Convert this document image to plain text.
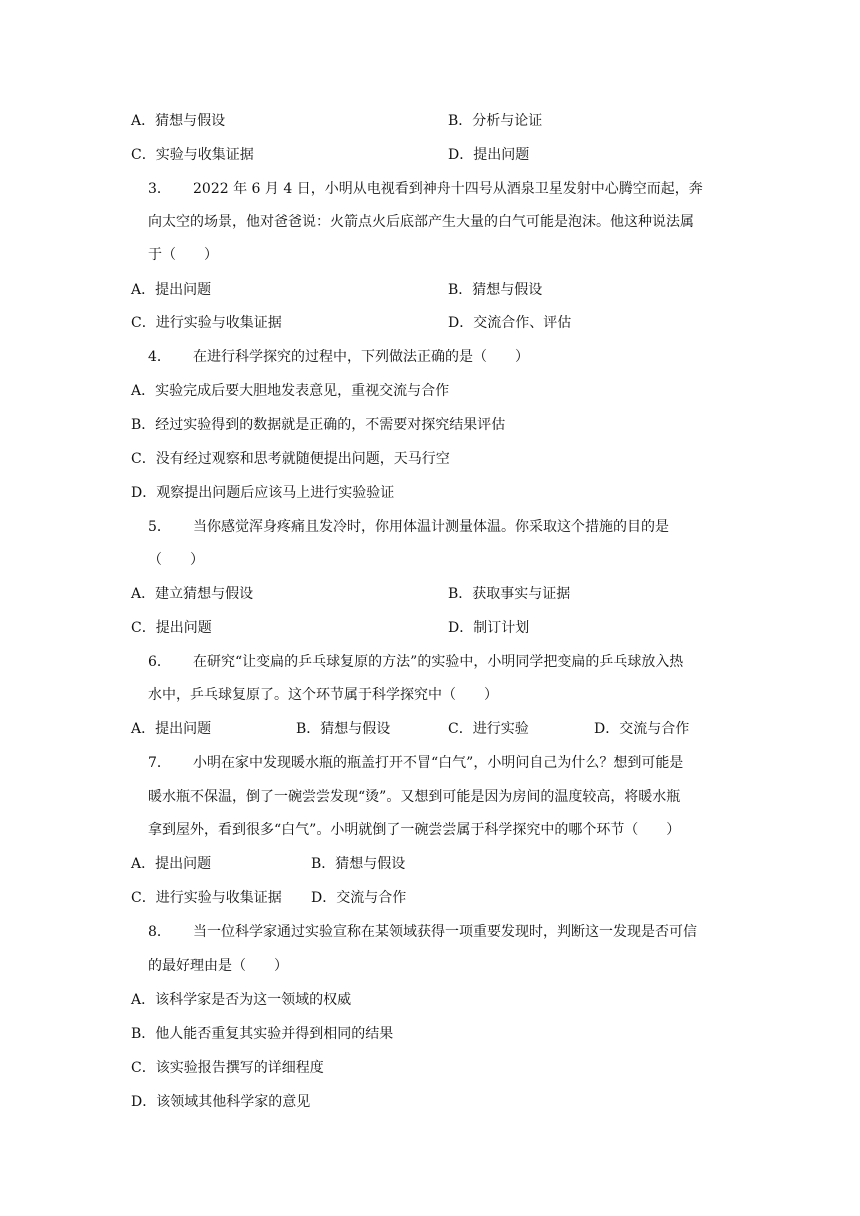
A．猜想与假设	B．分析与论证
C．实验与收集证据	D．提出问题
3． 2022 年 6 月 4 日，小明从电视看到神舟十四号从酒泉卫星发射中心腾空而起，奔
向太空的场景，他对爸爸说：火箭点火后底部产生大量的白气可能是泡沫。他这种说法属
于（　　）
A．提出问题	B．猜想与假设
C．进行实验与收集证据	D．交流合作、评估
4． 在进行科学探究的过程中，下列做法正确的是（　　）
A．实验完成后要大胆地发表意见，重视交流与合作
B．经过实验得到的数据就是正确的，不需要对探究结果评估
C．没有经过观察和思考就随便提出问题，天马行空
D．观察提出问题后应该马上进行实验验证
5． 当你感觉浑身疼痛且发冷时，你用体温计测量体温。你采取这个措施的目的是
（　　）
A．建立猜想与假设	B．获取事实与证据
C．提出问题	D．制订计划
6． 在研究“让变扁的乒乓球复原的方法”的实验中，小明同学把变扁的乒乓球放入热
水中，乒乓球复原了。这个环节属于科学探究中（　　）
A．提出问题	B．猜想与假设	C．进行实验	D．交流与合作
7． 小明在家中发现暖水瓶的瓶盖打开不冒“白气”，小明问自己为什么？想到可能是
暖水瓶不保温，倒了一碗尝尝发现“烫”。又想到可能是因为房间的温度较高，将暖水瓶
拿到屋外，看到很多“白气”。小明就倒了一碗尝尝属于科学探究中的哪个环节（　　）
A．提出问题	B．猜想与假设
C．进行实验与收集证据 D．交流与合作
8． 当一位科学家通过实验宣称在某领域获得一项重要发现时，判断这一发现是否可信
的最好理由是（　　）
A．该科学家是否为这一领域的权威
B．他人能否重复其实验并得到相同的结果
C．该实验报告撰写的详细程度
D．该领域其他科学家的意见
